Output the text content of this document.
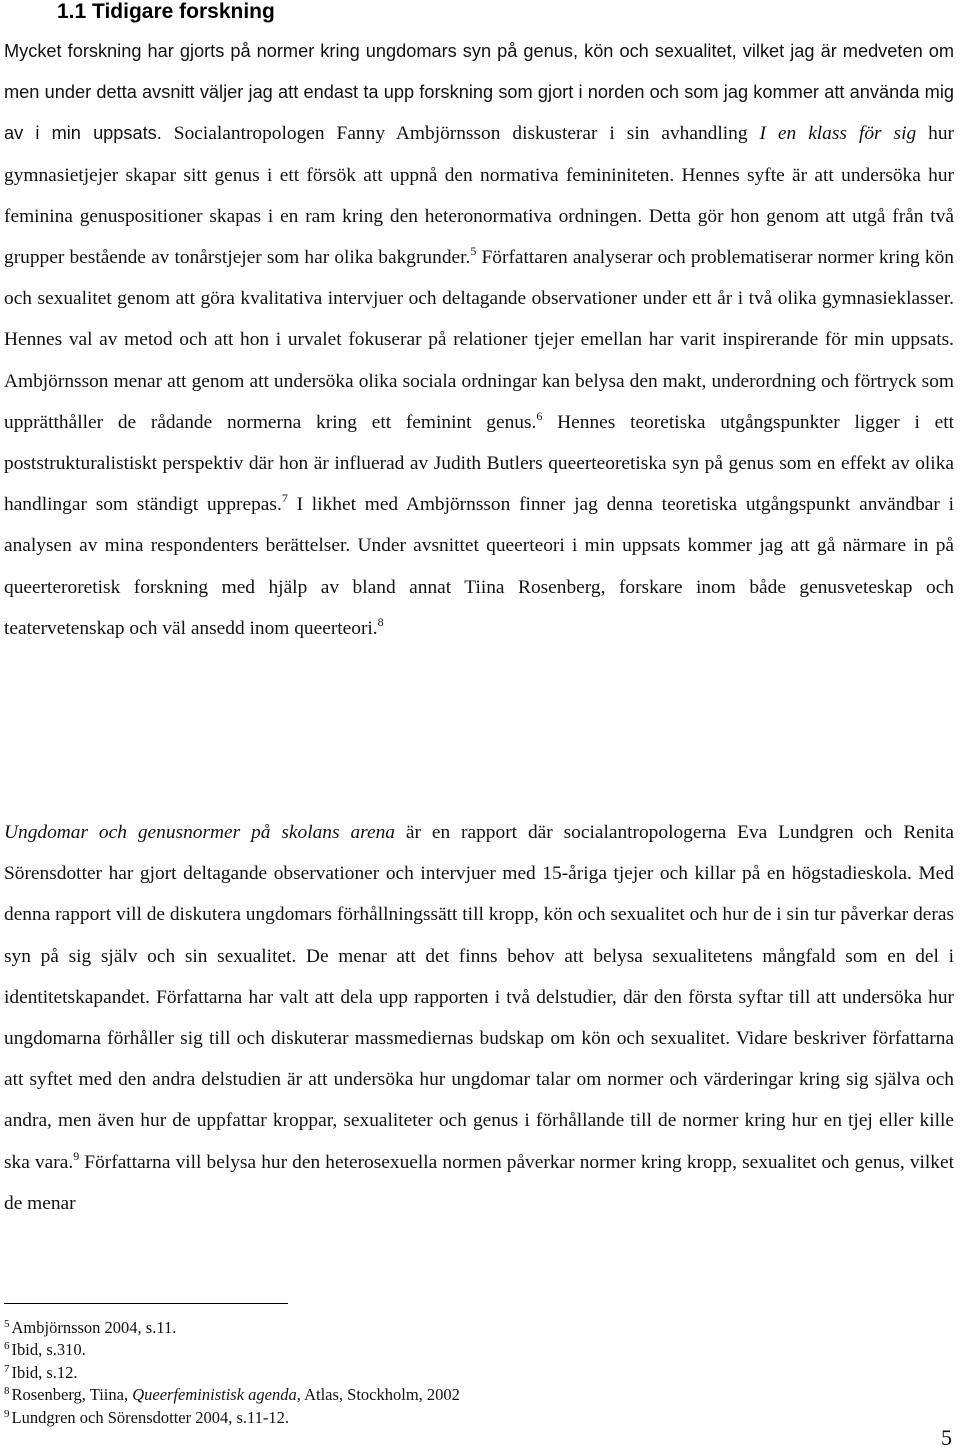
1.1 Tidigare forskning

Mycket forskning har gjorts på normer kring ungdomars syn på genus, kön och sexualitet, vilket jag är medveten om men under detta avsnitt väljer jag att endast ta upp forskning som gjort i norden och som jag kommer att använda mig av i min uppsats. Socialantropologen Fanny Ambjörnsson diskusterar i sin avhandling I en klass för sig hur gymnasietjejer skapar sitt genus i ett försök att uppnå den normativa femininiteten. Hennes syfte är att undersöka hur feminina genuspositioner skapas i en ram kring den heteronormativa ordningen. Detta gör hon genom att utgå från två grupper bestående av tonårstjejer som har olika bakgrunder.$^5$ Författaren analyserar och problematiserar normer kring kön och sexualitet genom att göra kvalitativa intervjuer och deltagande observationer under ett år i två olika gymnasieklasser. Hennes val av metod och att hon i urvalet fokuserar på relationer tjejer emellan har varit inspirerande för min uppsats. Ambjörnsson menar att genom att undersöka olika sociala ordningar kan belysa den makt, underordning och förtryck som upprätthåller de rådande normerna kring ett feminint genus.$^6$ Hennes teoretiska utgångspunkter ligger i ett poststrukturalistiskt perspektiv där hon är influerad av Judith Butlers queerteoretiska syn på genus som en effekt av olika handlingar som ständigt upprepas.$^7$ I likhet med Ambjörnsson finner jag denna teoretiska utgångspunkt användbar i analysen av mina respondenters berättelser. Under avsnittet queerteori i min uppsats kommer jag att gå närmare in på queerteroretisk forskning med hjälp av bland annat Tiina Rosenberg, forskare inom både genusveteskap och teatervetenskap och väl ansedd inom queerteori.$^8$

Ungdomar och genusnormer på skolans arena är en rapport där socialantropologerna Eva Lundgren och Renita Sörensdotter har gjort deltagande observationer och intervjuer med 15-åriga tjejer och killar på en högstadieskola. Med denna rapport vill de diskutera ungdomars förhållningssätt till kropp, kön och sexualitet och hur de i sin tur påverkar deras syn på sig själv och sin sexualitet. De menar att det finns behov att belysa sexualitetens mångfald som en del i identitetskapandet. Författarna har valt att dela upp rapporten i två delstudier, där den första syftar till att undersöka hur ungdomarna förhåller sig till och diskuterar massmediernas budskap om kön och sexualitet. Vidare beskriver författarna att syftet med den andra delstudien är att undersöka hur ungdomar talar om normer och värderingar kring sig själva och andra, men även hur de uppfattar kroppar, sexualiteter och genus i förhållande till de normer kring hur en tjej eller kille ska vara.$^9$ Författarna vill belysa hur den heterosexuella normen påverkar normer kring kropp, sexualitet och genus, vilket de menar

$^5$ Ambjörnsson 2004, s.11.

$^6$ Ibid, s.310.

$^7$ Ibid, s.12.

$^8$ Rosenberg, Tiina, Queerfeministisk agenda, Atlas, Stockholm, 2002

$^9$ Lundgren och Sörensdotter 2004, s.11-12.

5
